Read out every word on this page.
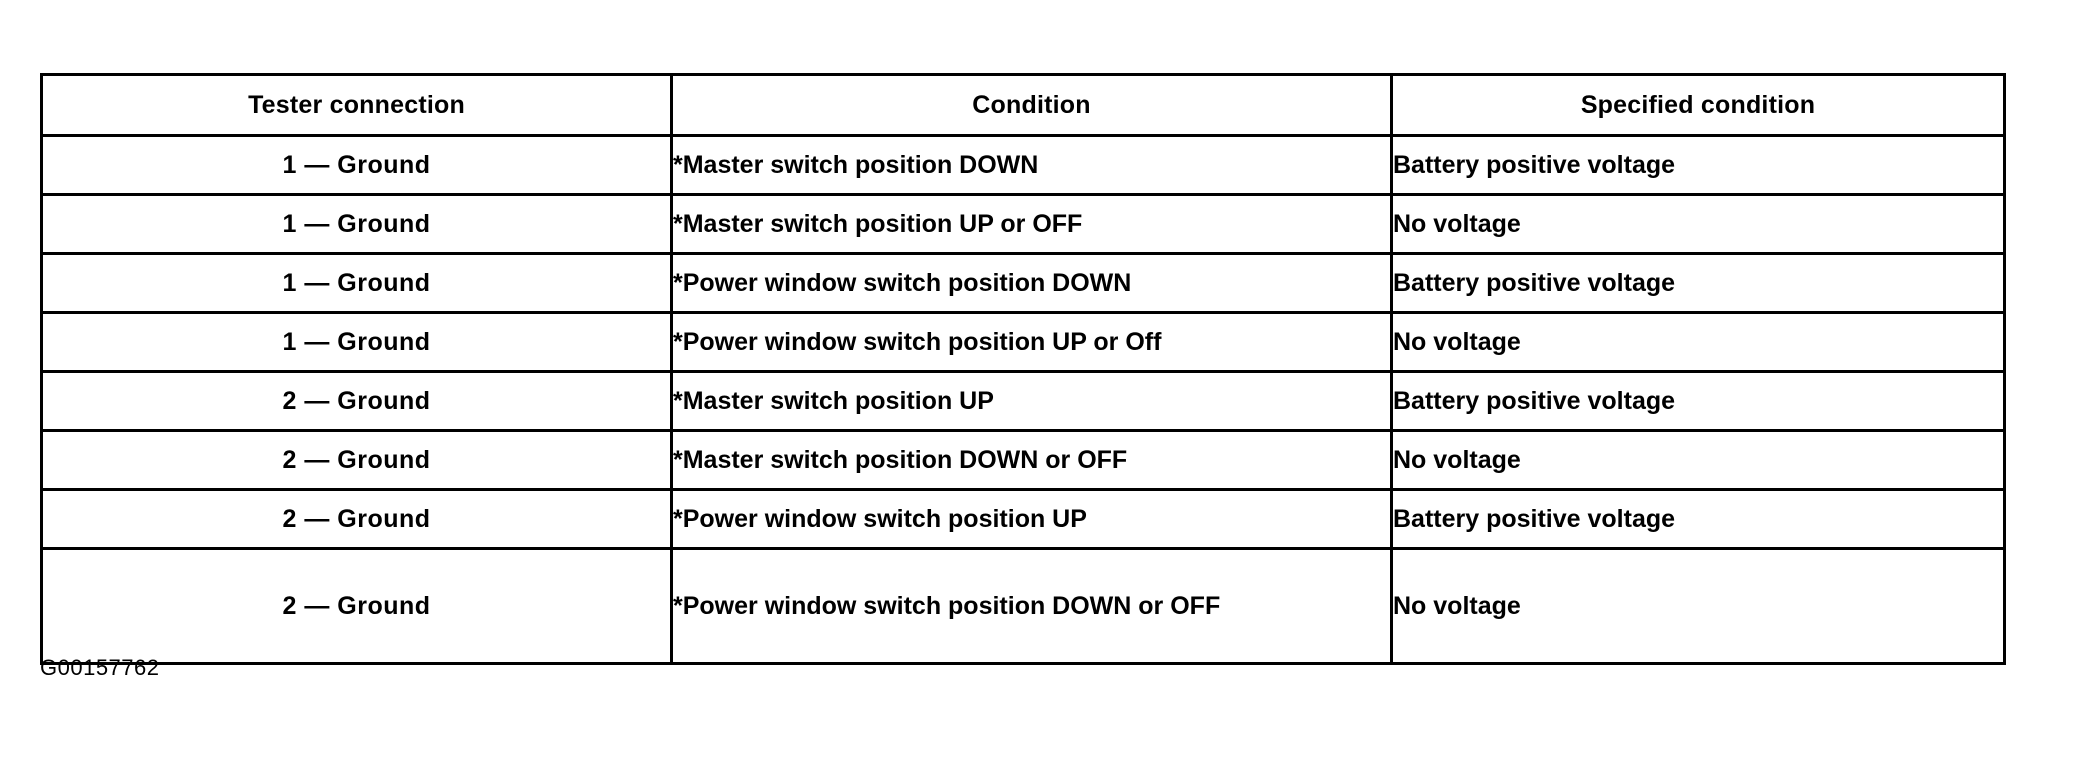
Tester connection	Condition	Specified condition
1 — Ground	*Master switch position DOWN	Battery positive voltage
1 — Ground	*Master switch position UP or OFF	No voltage
1 — Ground	*Power window switch position DOWN	Battery positive voltage
1 — Ground	*Power window switch position UP or Off	No voltage
2 — Ground	*Master switch position UP	Battery positive voltage
2 — Ground	*Master switch position DOWN or OFF	No voltage
2 — Ground	*Power window switch position UP	Battery positive voltage
2 — Ground	*Power window switch position DOWN or OFF	No voltage
G00157762
